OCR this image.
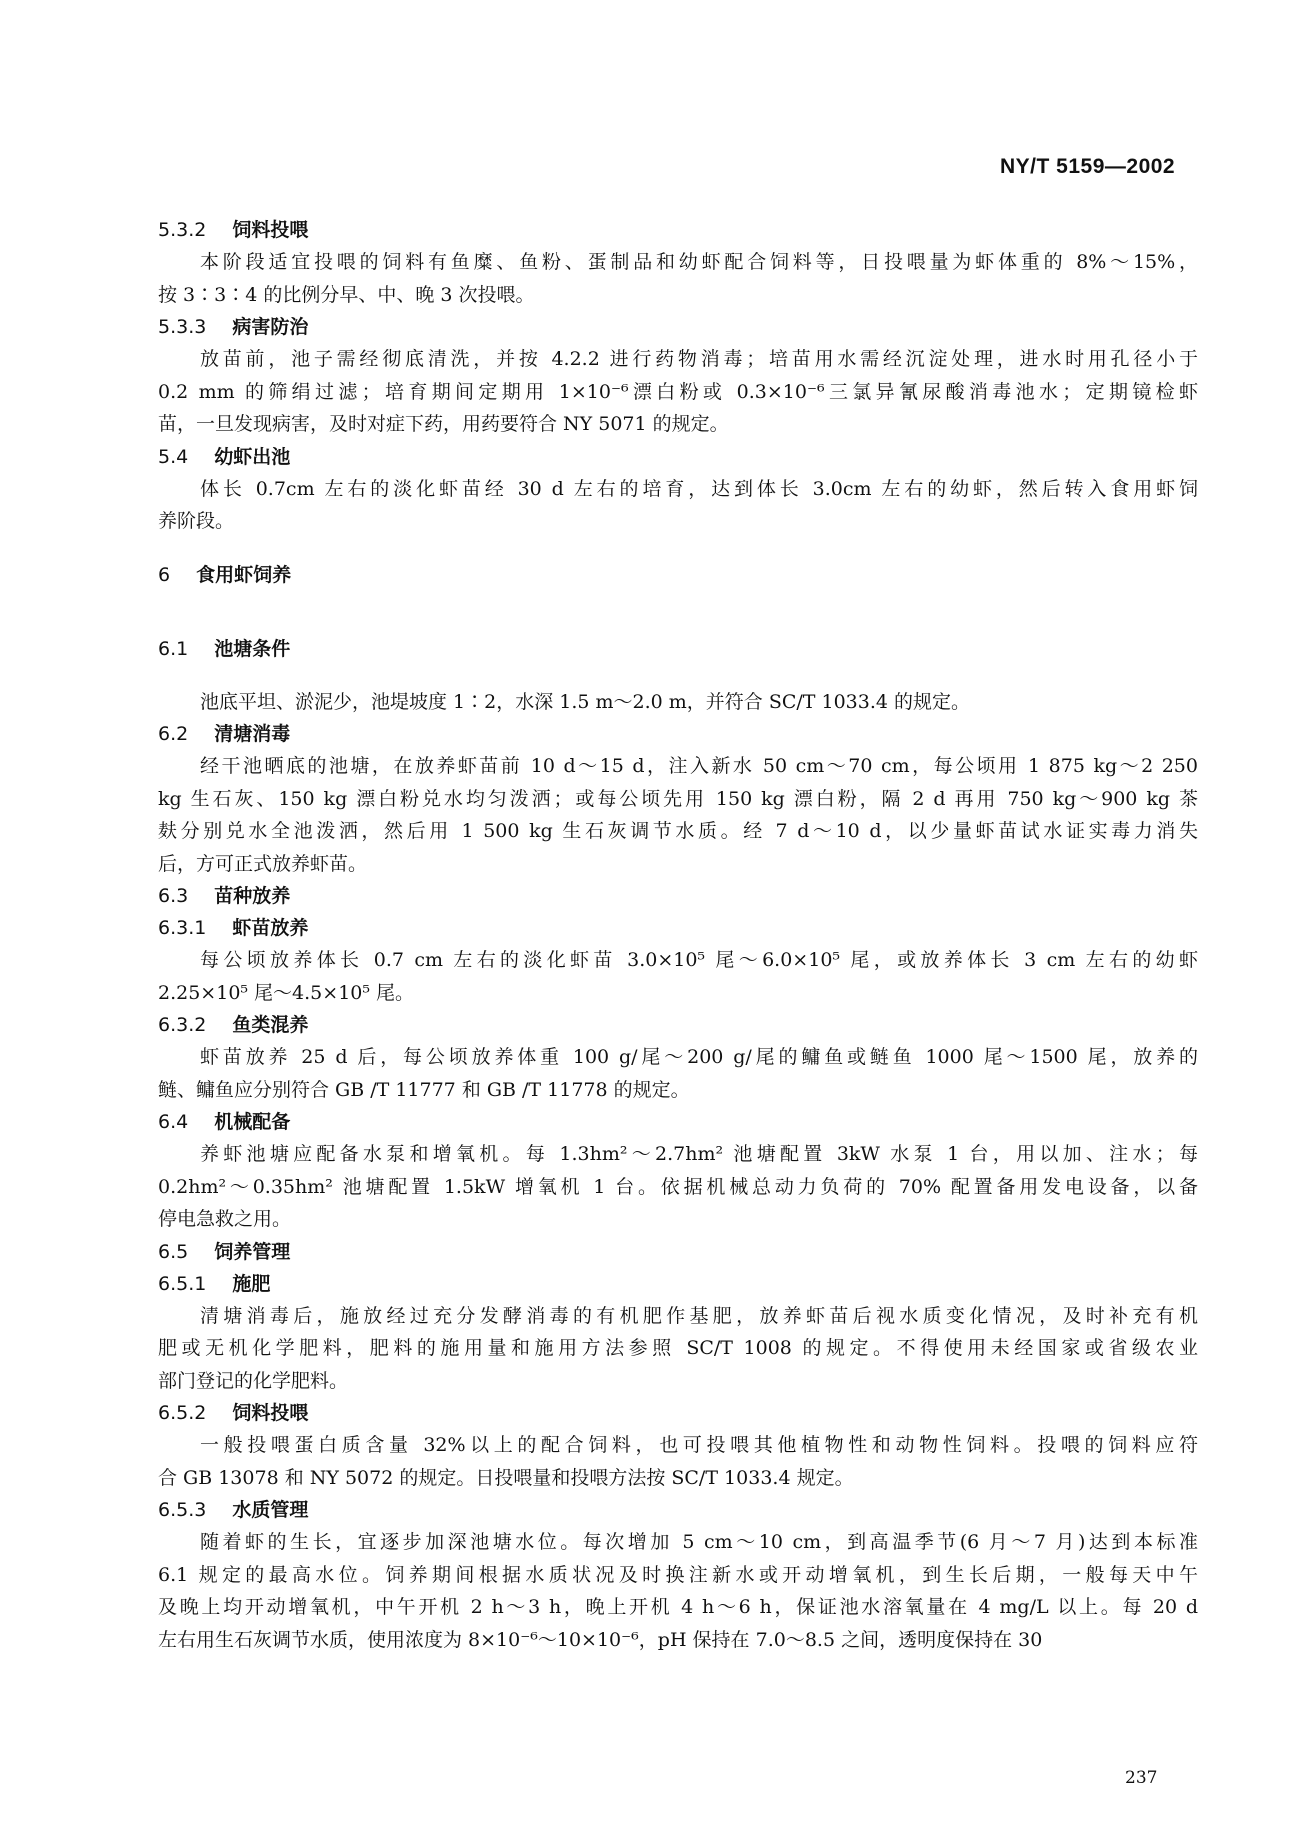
NY/T 5159—2002
5.3.2 饲料投喂
本阶段适宜投喂的饲料有鱼糜、鱼粉、蛋制品和幼虾配合饲料等，日投喂量为虾体重的 8%～15%，
按 3∶3∶4 的比例分早、中、晚 3 次投喂。
5.3.3 病害防治
放苗前，池子需经彻底清洗，并按 4.2.2 进行药物消毒；培苗用水需经沉淀处理，进水时用孔径小于
0.2 mm 的筛绢过滤；培育期间定期用 1×10⁻⁶漂白粉或 0.3×10⁻⁶三氯异氰尿酸消毒池水；定期镜检虾
苗，一旦发现病害，及时对症下药，用药要符合 NY 5071 的规定。
5.4 幼虾出池
体长 0.7cm 左右的淡化虾苗经 30 d 左右的培育，达到体长 3.0cm 左右的幼虾，然后转入食用虾饲
养阶段。
6 食用虾饲养
6.1 池塘条件
池底平坦、淤泥少，池堤坡度 1∶2，水深 1.5 m～2.0 m，并符合 SC/T 1033.4 的规定。
6.2 清塘消毒
经干池晒底的池塘，在放养虾苗前 10 d～15 d，注入新水 50 cm～70 cm，每公顷用 1 875 kg～2 250
kg 生石灰、150 kg 漂白粉兑水均匀泼洒；或每公顷先用 150 kg 漂白粉，隔 2 d 再用 750 kg～900 kg 茶
麸分别兑水全池泼洒，然后用 1 500 kg 生石灰调节水质。经 7 d～10 d，以少量虾苗试水证实毒力消失
后，方可正式放养虾苗。
6.3 苗种放养
6.3.1 虾苗放养
每公顷放养体长 0.7 cm 左右的淡化虾苗 3.0×10⁵ 尾～6.0×10⁵ 尾，或放养体长 3 cm 左右的幼虾
2.25×10⁵ 尾～4.5×10⁵ 尾。
6.3.2 鱼类混养
虾苗放养 25 d 后，每公顷放养体重 100 g/尾～200 g/尾的鳙鱼或鲢鱼 1000 尾～1500 尾，放养的
鲢、鳙鱼应分别符合 GB /T 11777 和 GB /T 11778 的规定。
6.4 机械配备
养虾池塘应配备水泵和增氧机。每 1.3hm²～2.7hm² 池塘配置 3kW 水泵 1 台，用以加、注水；每
0.2hm²～0.35hm² 池塘配置 1.5kW 增氧机 1 台。依据机械总动力负荷的 70% 配置备用发电设备，以备
停电急救之用。
6.5 饲养管理
6.5.1 施肥
清塘消毒后，施放经过充分发酵消毒的有机肥作基肥，放养虾苗后视水质变化情况，及时补充有机
肥或无机化学肥料，肥料的施用量和施用方法参照 SC/T 1008 的规定。不得使用未经国家或省级农业
部门登记的化学肥料。
6.5.2 饲料投喂
一般投喂蛋白质含量 32%以上的配合饲料，也可投喂其他植物性和动物性饲料。投喂的饲料应符
合 GB 13078 和 NY 5072 的规定。日投喂量和投喂方法按 SC/T 1033.4 规定。
6.5.3 水质管理
随着虾的生长，宜逐步加深池塘水位。每次增加 5 cm～10 cm，到高温季节(6 月～7 月)达到本标准
6.1 规定的最高水位。饲养期间根据水质状况及时换注新水或开动增氧机，到生长后期，一般每天中午
及晚上均开动增氧机，中午开机 2 h～3 h，晚上开机 4 h～6 h，保证池水溶氧量在 4 mg/L 以上。每 20 d
左右用生石灰调节水质，使用浓度为 8×10⁻⁶～10×10⁻⁶，pH 保持在 7.0～8.5 之间，透明度保持在 30
237
